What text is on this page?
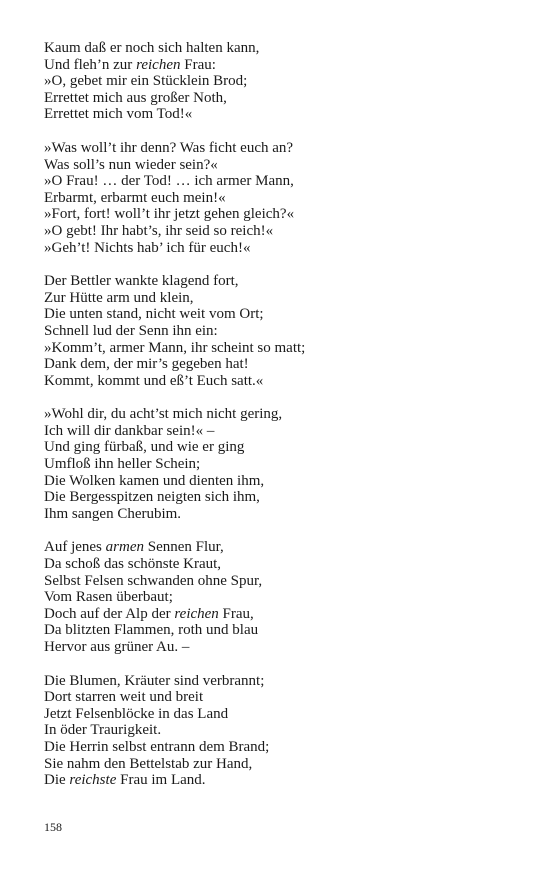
Kaum daß er noch sich halten kann,
Und fleh’n zur reichen Frau:
»O, gebet mir ein Stücklein Brod;
Errettet mich aus großer Noth,
Errettet mich vom Tod!«
»Was woll’t ihr denn? Was ficht euch an?
Was soll’s nun wieder sein?«
»O Frau! … der Tod! … ich armer Mann,
Erbarmt, erbarmt euch mein!«
»Fort, fort! woll’t ihr jetzt gehen gleich?«
»O gebt! Ihr habt’s, ihr seid so reich!«
»Geh’t! Nichts hab’ ich für euch!«
Der Bettler wankte klagend fort,
Zur Hütte arm und klein,
Die unten stand, nicht weit vom Ort;
Schnell lud der Senn ihn ein:
»Komm’t, armer Mann, ihr scheint so matt;
Dank dem, der mir’s gegeben hat!
Kommt, kommt und eß’t Euch satt.«
»Wohl dir, du acht’st mich nicht gering,
Ich will dir dankbar sein!« –
Und ging fürbaß, und wie er ging
Umfloß ihn heller Schein;
Die Wolken kamen und dienten ihm,
Die Bergesspitzen neigten sich ihm,
Ihm sangen Cherubim.
Auf jenes armen Sennen Flur,
Da schoß das schönste Kraut,
Selbst Felsen schwanden ohne Spur,
Vom Rasen überbaut;
Doch auf der Alp der reichen Frau,
Da blitzten Flammen, roth und blau
Hervor aus grüner Au. –
Die Blumen, Kräuter sind verbrannt;
Dort starren weit und breit
Jetzt Felsenblöcke in das Land
In öder Traurigkeit.
Die Herrin selbst entrann dem Brand;
Sie nahm den Bettelstab zur Hand,
Die reichste Frau im Land.
158
